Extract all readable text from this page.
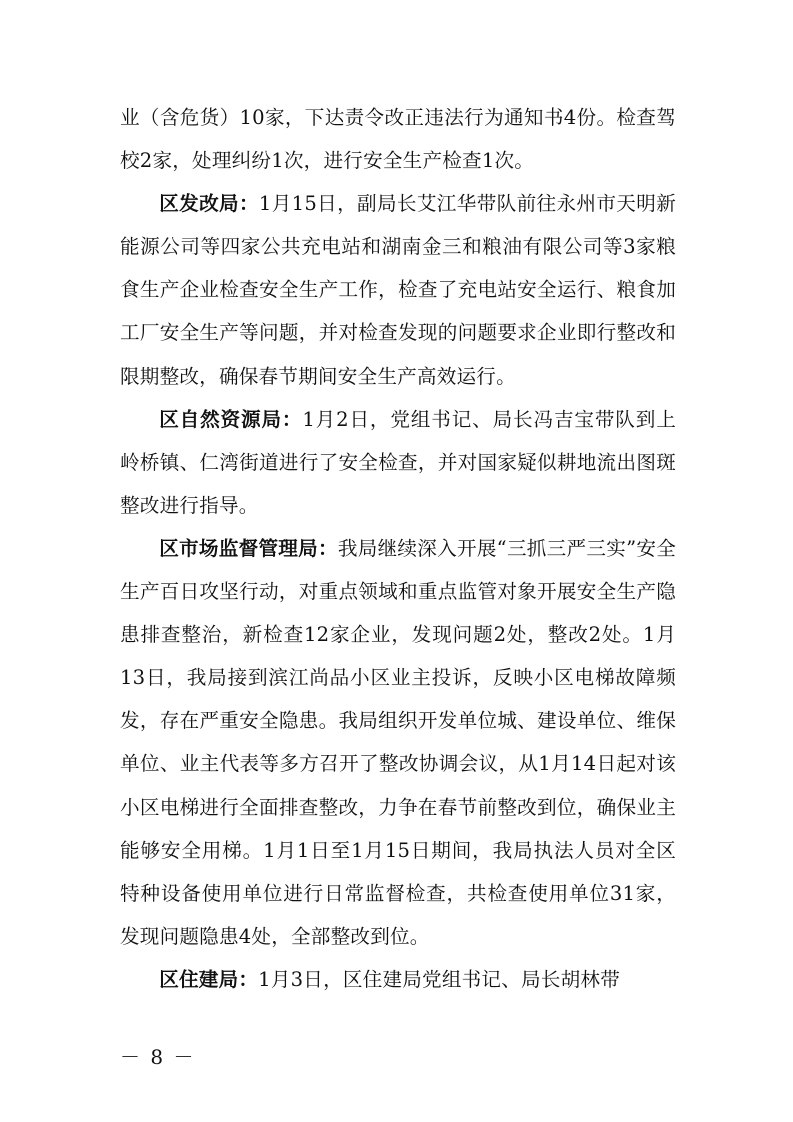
业（含危货）10家，下达责令改正违法行为通知书4份。检查驾校2家，处理纠纷1次，进行安全生产检查1次。

区发改局：1月15日，副局长艾江华带队前往永州市天明新能源公司等四家公共充电站和湖南金三和粮油有限公司等3家粮食生产企业检查安全生产工作，检查了充电站安全运行、粮食加工厂安全生产等问题，并对检查发现的问题要求企业即行整改和限期整改，确保春节期间安全生产高效运行。

区自然资源局：1月2日，党组书记、局长冯吉宝带队到上岭桥镇、仁湾街道进行了安全检查，并对国家疑似耕地流出图斑整改进行指导。

区市场监督管理局：我局继续深入开展“三抓三严三实”安全生产百日攻坚行动，对重点领域和重点监管对象开展安全生产隐患排查整治，新检查12家企业，发现问题2处，整改2处。1月13日，我局接到滨江尚品小区业主投诉，反映小区电梯故障频发，存在严重安全隐患。我局组织开发单位城、建设单位、维保单位、业主代表等多方召开了整改协调会议，从1月14日起对该小区电梯进行全面排查整改，力争在春节前整改到位，确保业主能够安全用梯。1月1日至1月15日期间，我局执法人员对全区特种设备使用单位进行日常监督检查，共检查使用单位31家，发现问题隐患4处，全部整改到位。

区住建局：1月3日，区住建局党组书记、局长胡林带

－ 8 －
